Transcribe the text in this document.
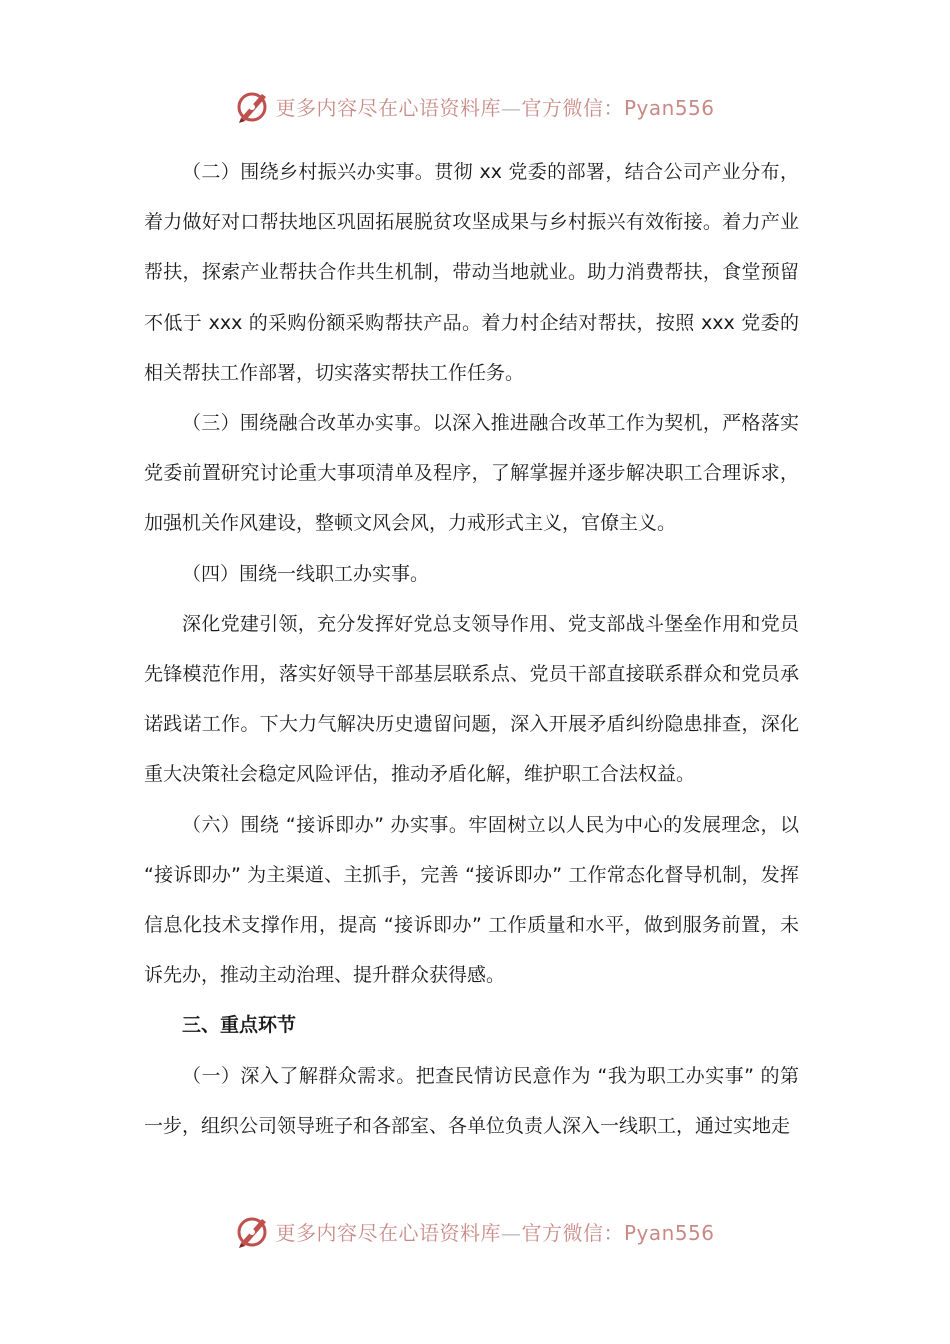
更多内容尽在心语资料库—官方微信：Pyan556

（二）围绕乡村振兴办实事。贯彻 xx 党委的部署，结合公司产业分布，着力做好对口帮扶地区巩固拓展脱贫攻坚成果与乡村振兴有效衔接。着力产业帮扶，探索产业帮扶合作共生机制，带动当地就业。助力消费帮扶，食堂预留不低于 xxx 的采购份额采购帮扶产品。着力村企结对帮扶，按照 xxx 党委的相关帮扶工作部署，切实落实帮扶工作任务。

（三）围绕融合改革办实事。以深入推进融合改革工作为契机，严格落实党委前置研究讨论重大事项清单及程序，了解掌握并逐步解决职工合理诉求，加强机关作风建设，整顿文风会风，力戒形式主义，官僚主义。

（四）围绕一线职工办实事。

深化党建引领，充分发挥好党总支领导作用、党支部战斗堡垒作用和党员先锋模范作用，落实好领导干部基层联系点、党员干部直接联系群众和党员承诺践诺工作。下大力气解决历史遗留问题，深入开展矛盾纠纷隐患排查，深化重大决策社会稳定风险评估，推动矛盾化解，维护职工合法权益。

（六）围绕 “接诉即办” 办实事。牢固树立以人民为中心的发展理念，以 “接诉即办” 为主渠道、主抓手，完善 “接诉即办” 工作常态化督导机制，发挥信息化技术支撑作用，提高 “接诉即办” 工作质量和水平，做到服务前置，未诉先办，推动主动治理、提升群众获得感。

三、重点环节

（一）深入了解群众需求。把查民情访民意作为 “我为职工办实事” 的第一步，组织公司领导班子和各部室、各单位负责人深入一线职工，通过实地走

更多内容尽在心语资料库—官方微信：Pyan556
